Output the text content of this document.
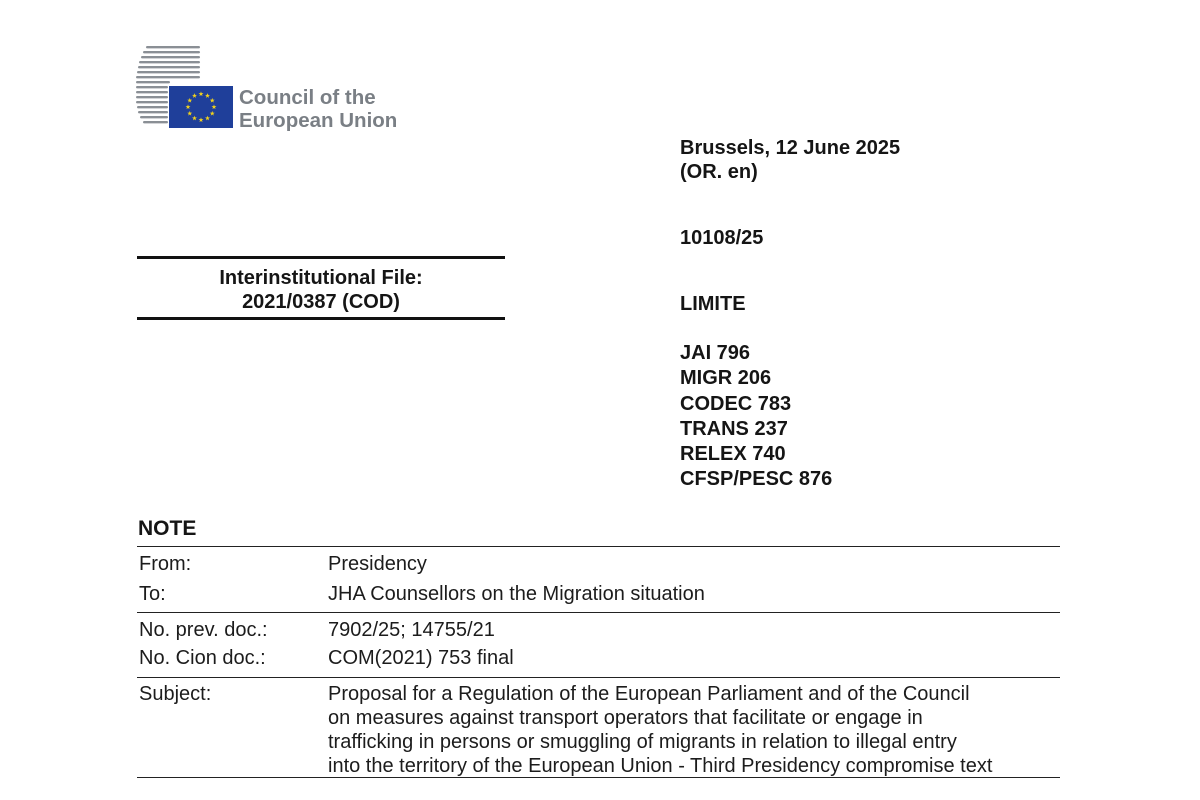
Council of the
European Union
Brussels, 12 June 2025
(OR. en)
10108/25
LIMITE
JAI 796
MIGR 206
CODEC 783
TRANS 237
RELEX 740
CFSP/PESC 876
Interinstitutional File:
2021/0387 (COD)
NOTE
From:	Presidency
To:	JHA Counsellors on the Migration situation
No. prev. doc.:	7902/25; 14755/21
No. Cion doc.:	COM(2021) 753 final
Subject:	Proposal for a Regulation of the European Parliament and of the Council
on measures against transport operators that facilitate or engage in
trafficking in persons or smuggling of migrants in relation to illegal entry
into the territory of the European Union - Third Presidency compromise text
